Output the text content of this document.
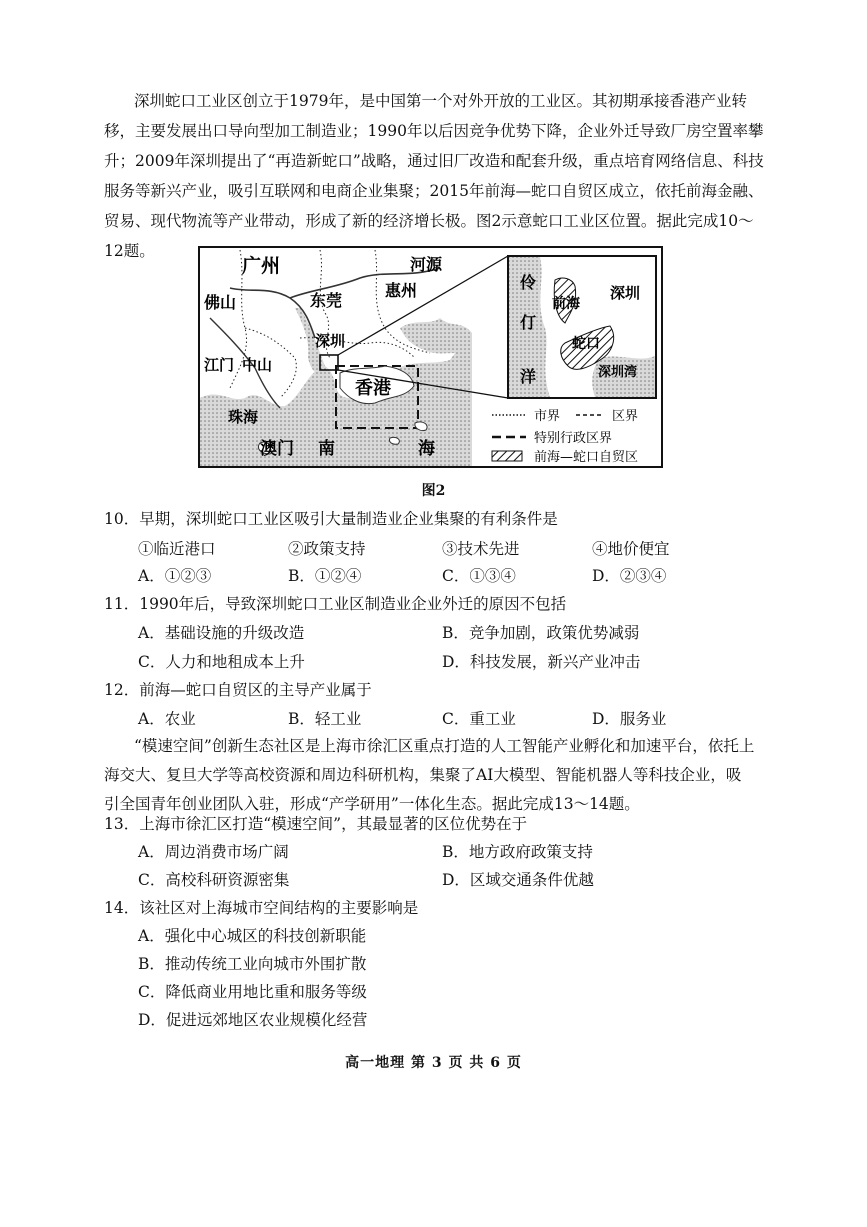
深圳蛇口工业区创立于1979年，是中国第一个对外开放的工业区。其初期承接香港产业转
移，主要发展出口导向型加工制造业；1990年以后因竞争优势下降，企业外迁导致厂房空置率攀
升；2009年深圳提出了“再造新蛇口”战略，通过旧厂改造和配套升级，重点培育网络信息、科技
服务等新兴产业，吸引互联网和电商企业集聚；2015年前海—蛇口自贸区成立，依托前海金融、
贸易、现代物流等产业带动，形成了新的经济增长极。图2示意蛇口工业区位置。据此完成10～
12题。
广州	河源
佛山	东莞
惠州
深圳
江门 中山
香港
珠海
澳门 南	海
伶
仃
洋
前海
深圳
蛇口
深圳湾
市界	区界
特别行政区界
前海—蛇口自贸区
图2
10．早期，深圳蛇口工业区吸引大量制造业企业集聚的有利条件是
①临近港口	②政策支持	③技术先进	④地价便宜
A．①②③	B．①②④	C．①③④	D．②③④
11．1990年后，导致深圳蛇口工业区制造业企业外迁的原因不包括
A．基础设施的升级改造	B．竞争加剧，政策优势减弱
C．人力和地租成本上升	D．科技发展，新兴产业冲击
12．前海—蛇口自贸区的主导产业属于
A．农业	B．轻工业	C．重工业	D．服务业
“模速空间”创新生态社区是上海市徐汇区重点打造的人工智能产业孵化和加速平台，依托上
海交大、复旦大学等高校资源和周边科研机构，集聚了AI大模型、智能机器人等科技企业，吸
引全国青年创业团队入驻，形成“产学研用”一体化生态。据此完成13～14题。
13．上海市徐汇区打造“模速空间”，其最显著的区位优势在于
A．周边消费市场广阔	B．地方政府政策支持
C．高校科研资源密集	D．区域交通条件优越
14．该社区对上海城市空间结构的主要影响是
A．强化中心城区的科技创新职能
B．推动传统工业向城市外围扩散
C．降低商业用地比重和服务等级
D．促进远郊地区农业规模化经营
高一地理 第 3 页 共 6 页
